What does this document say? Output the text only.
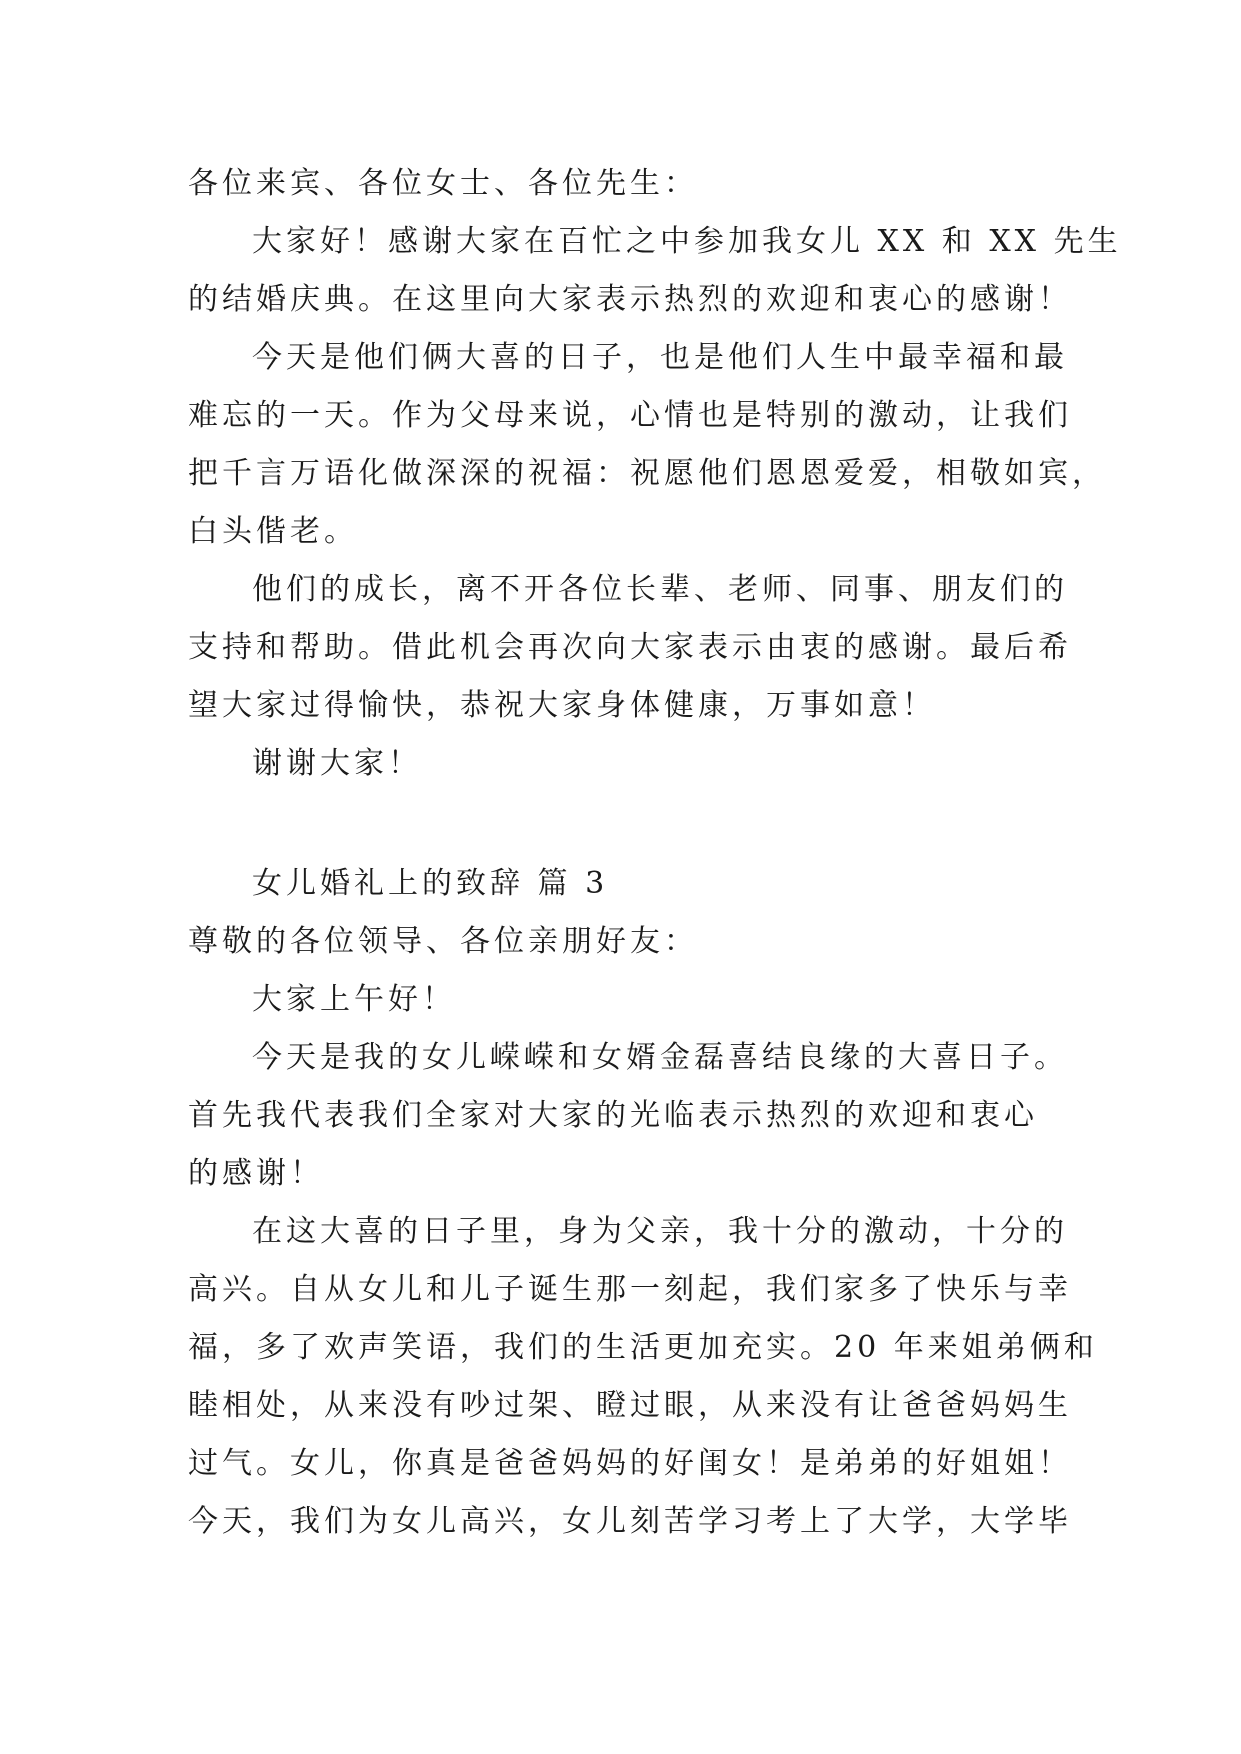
各位来宾、各位女士、各位先生：

大家好！感谢大家在百忙之中参加我女儿 XX 和 XX 先生

的结婚庆典。在这里向大家表示热烈的欢迎和衷心的感谢！

今天是他们俩大喜的日子，也是他们人生中最幸福和最

难忘的一天。作为父母来说，心情也是特别的激动，让我们

把千言万语化做深深的祝福：祝愿他们恩恩爱爱，相敬如宾，

白头偕老。

他们的成长，离不开各位长辈、老师、同事、朋友们的

支持和帮助。借此机会再次向大家表示由衷的感谢。最后希

望大家过得愉快，恭祝大家身体健康，万事如意！

谢谢大家！

女儿婚礼上的致辞 篇 3

尊敬的各位领导、各位亲朋好友：

大家上午好！

今天是我的女儿嵘嵘和女婿金磊喜结良缘的大喜日子。

首先我代表我们全家对大家的光临表示热烈的欢迎和衷心

的感谢！

在这大喜的日子里，身为父亲，我十分的激动，十分的

高兴。自从女儿和儿子诞生那一刻起，我们家多了快乐与幸

福，多了欢声笑语，我们的生活更加充实。20 年来姐弟俩和

睦相处，从来没有吵过架、瞪过眼，从来没有让爸爸妈妈生

过气。女儿，你真是爸爸妈妈的好闺女！是弟弟的好姐姐！

今天，我们为女儿高兴，女儿刻苦学习考上了大学，大学毕
